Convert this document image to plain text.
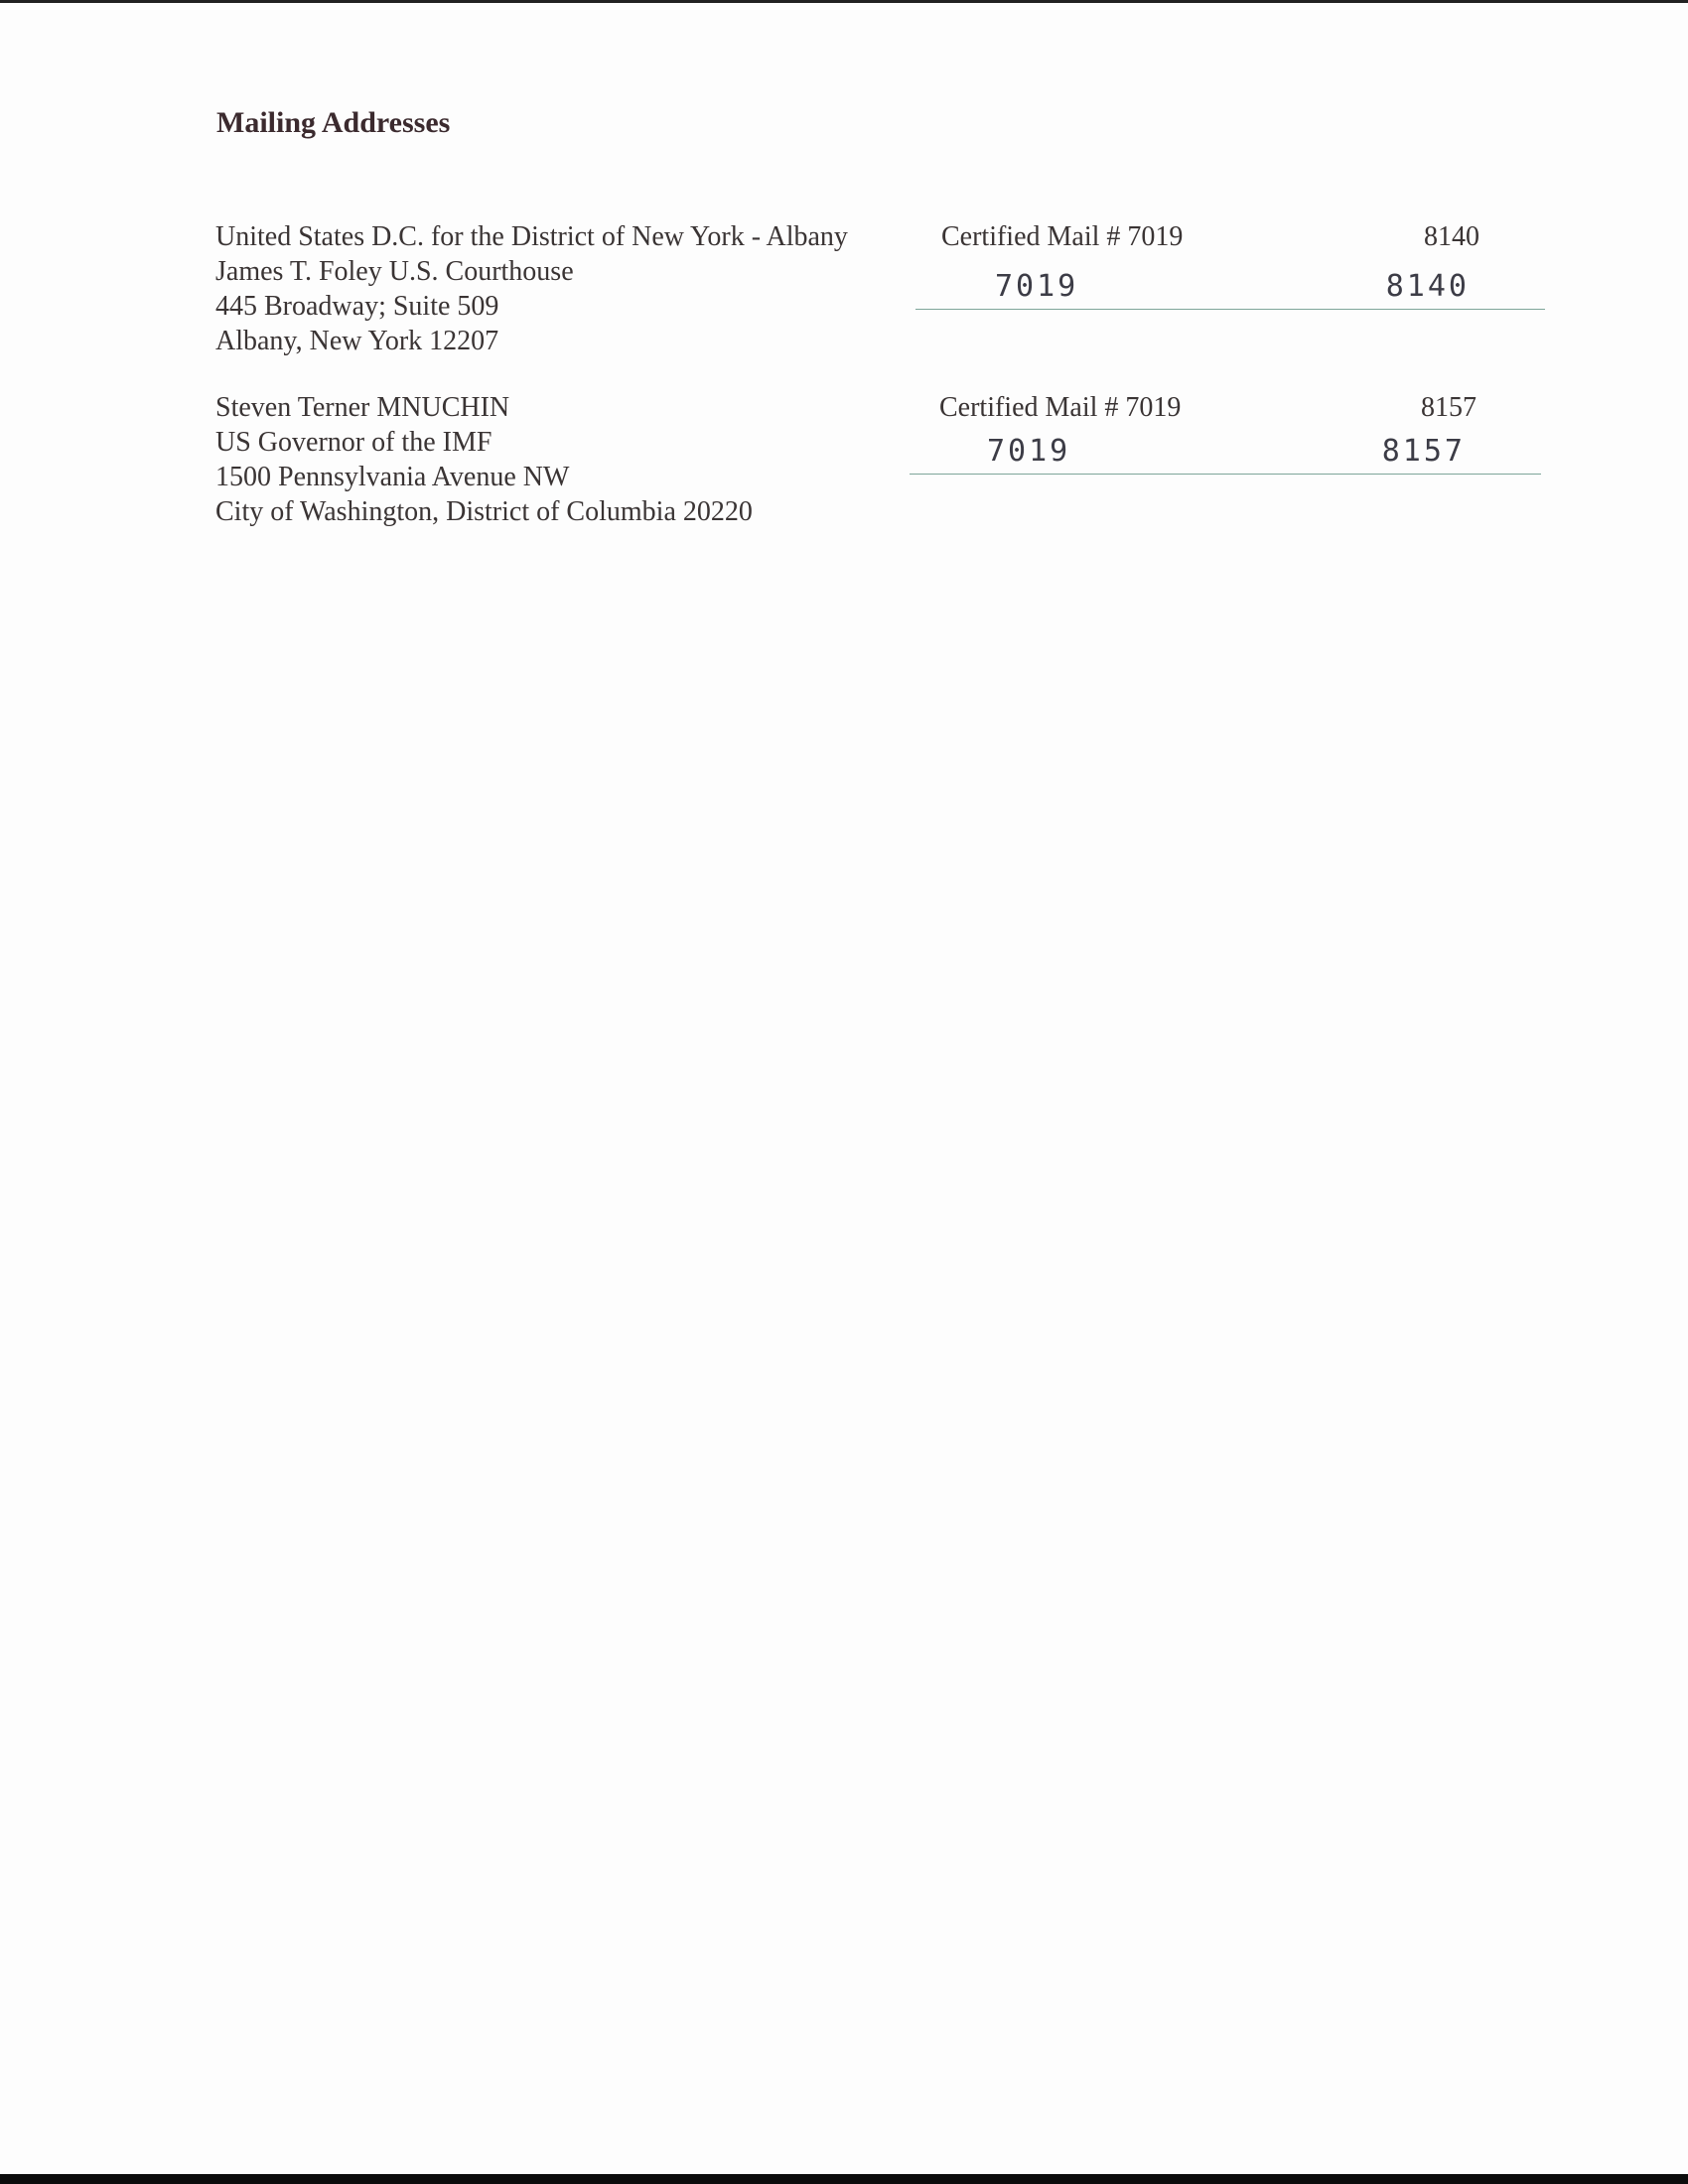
Mailing Addresses
United States D.C. for the District of New York - Albany
James T. Foley U.S. Courthouse
445 Broadway; Suite 509
Albany, New York 12207
Certified Mail # 7019	8140
7019	8140
Steven Terner MNUCHIN
US Governor of the IMF
1500 Pennsylvania Avenue NW
City of Washington, District of Columbia 20220
Certified Mail # 7019	8157
7019	8157
